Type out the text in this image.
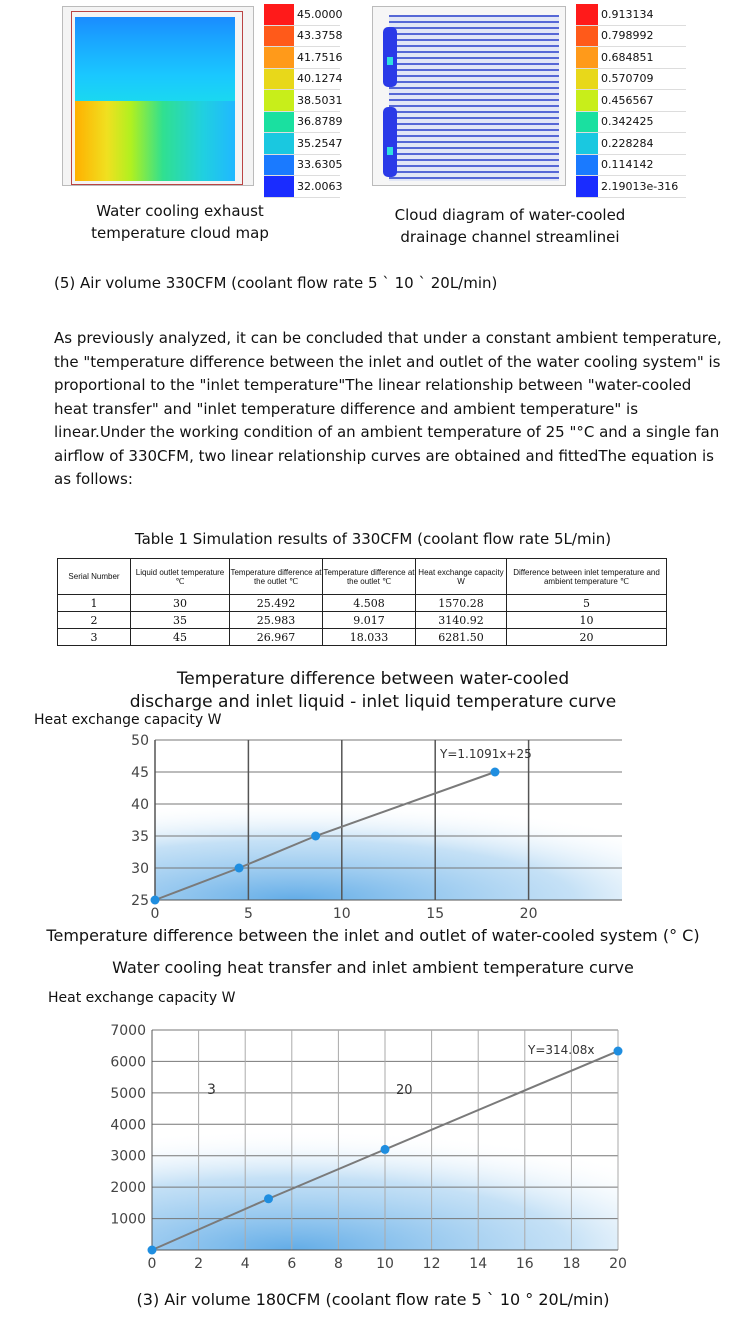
45.0000
43.3758
41.7516
40.1274
38.5031
36.8789
35.2547
33.6305
32.0063
0.913134
0.798992
0.684851
0.570709
0.456567
0.342425
0.228284
0.114142
2.19013e-316
Water cooling exhaust
temperature cloud map
Cloud diagram of water-cooled
drainage channel streamlinei
(5) Air volume 330CFM (coolant flow rate 5 ` 10 ` 20L/min)
As previously analyzed, it can be concluded that under a constant ambient temperature, the "temperature difference between the inlet and outlet of the water cooling system" is proportional to the "inlet temperature"The linear relationship between "water-cooled heat transfer" and "inlet temperature difference and ambient temperature" is linear.Under the working condition of an ambient temperature of 25 "°C and a single fan airflow of 330CFM, two linear relationship curves are obtained and fittedThe equation is as follows:
Table 1 Simulation results of 330CFM (coolant flow rate 5L/min)
Serial Number	Liquid outlet temperature ℃	Temperature difference at the outlet ℃	Temperature difference at the outlet ℃	Heat exchange capacity W	Difference between inlet temperature and ambient temperature ℃
1	30	25.492	4.508	1570.28	5
2	35	25.983	9.017	3140.92	10
3	45	26.967	18.033	6281.50	20
Temperature difference between water-cooled
discharge and inlet liquid - inlet liquid temperature curve
Heat exchange capacity W
25
30
35
40
45
50
0	5	10	15	20
Y=1.1091x+25
Temperature difference between the inlet and outlet of water-cooled system (° C)
Water cooling heat transfer and inlet ambient temperature curve
Heat exchange capacity W
1000
2000
3000
4000
5000
6000
7000
0	2	4	6	8 10 12 14 16 18 20
Y=314.08x
3	20
(3) Air volume 180CFM (coolant flow rate 5 ` 10 ° 20L/min)
